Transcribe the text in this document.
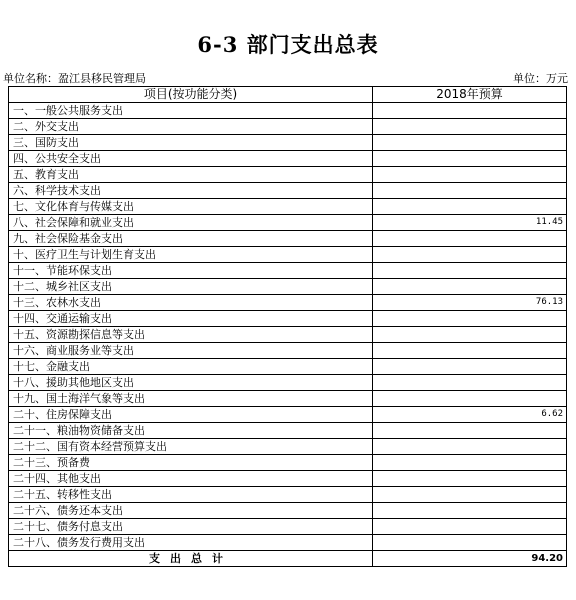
6-3 部门支出总表
单位名称：盈江县移民管理局	单位：万元
项目(按功能分类)	2018年预算
一、一般公共服务支出	
二、外交支出	
三、国防支出	
四、公共安全支出	
五、教育支出	
六、科学技术支出	
七、文化体育与传媒支出	
八、社会保障和就业支出	11.45
九、社会保险基金支出	
十、医疗卫生与计划生育支出	
十一、节能环保支出	
十二、城乡社区支出	
十三、农林水支出	76.13
十四、交通运输支出	
十五、资源勘探信息等支出	
十六、商业服务业等支出	
十七、金融支出	
十八、援助其他地区支出	
十九、国土海洋气象等支出	
二十、住房保障支出	6.62
二十一、粮油物资储备支出	
二十二、国有资本经营预算支出	
二十三、预备费	
二十四、其他支出	
二十五、转移性支出	
二十六、债务还本支出	
二十七、债务付息支出	
二十八、债务发行费用支出	
支出总计	94.20
